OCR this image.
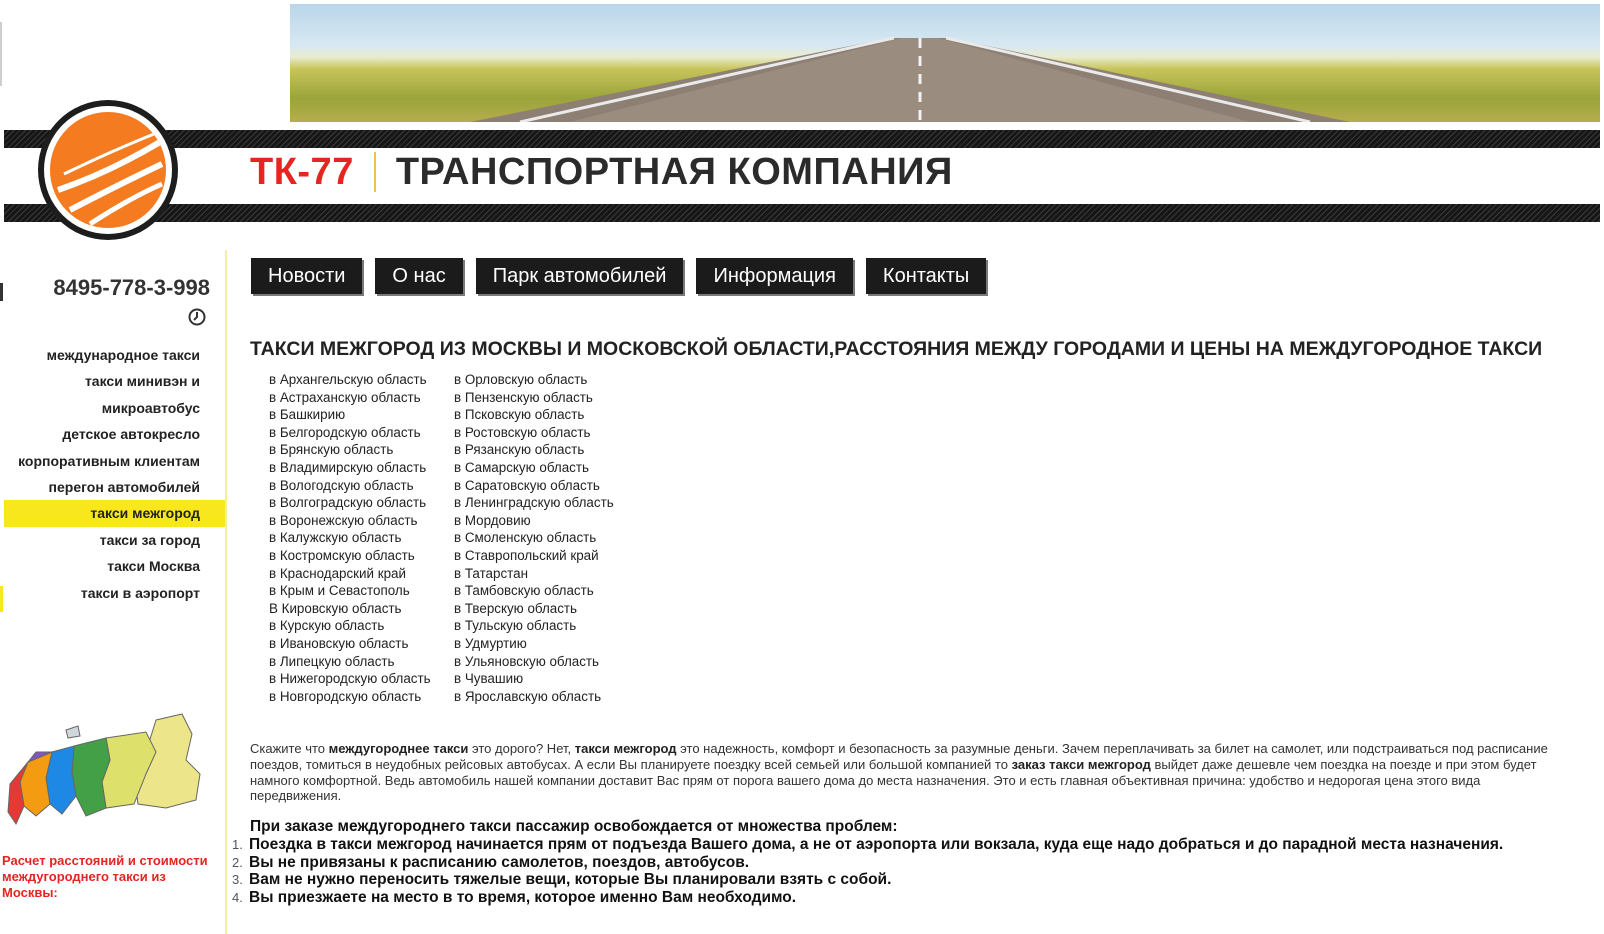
ТК-77 ТРАНСПОРТНАЯ КОМПАНИЯ
Новости	О нас	Парк автомобилей	Информация	Контакты
8495-778-3-998
международное такси
такси минивэн и
микроавтобус
детское автокресло
корпоративным клиентам
перегон автомобилей
такси межгород
такси за город
такси Москва
такси в аэропорт
Расчет расстояний и стоимости междугороднего такси из Москвы:
ТАКСИ МЕЖГОРОД ИЗ МОСКВЫ И МОСКОВСКОЙ ОБЛАСТИ,РАССТОЯНИЯ МЕЖДУ ГОРОДАМИ И ЦЕНЫ НА МЕЖДУГОРОДНОЕ ТАКСИ
в Архангельскую область
в Астраханскую область
в Башкирию
в Белгородскую область
в Брянскую область
в Владимирскую область
в Вологодскую область
в Волгоградскую область
в Воронежскую область
в Калужскую область
в Костромскую область
в Краснодарский край
в Крым и Севастополь
В Кировскую область
в Курскую область
в Ивановскую область
в Липецкую область
в Нижегородскую область
в Новгородскую область
в Орловскую область
в Пензенскую область
в Псковскую область
в Ростовскую область
в Рязанскую область
в Самарскую область
в Саратовскую область
в Ленинградскую область
в Мордовию
в Смоленскую область
в Ставропольский край
в Татарстан
в Тамбовскую область
в Тверскую область
в Тульскую область
в Удмуртию
в Ульяновскую область
в Чувашию
в Ярославскую область
Скажите что междугороднее такси это дорого? Нет, такси межгород это надежность, комфорт и безопасность за разумные деньги. Зачем переплачивать за билет на самолет, или подстраиваться под расписание поездов, томиться в неудобных рейсовых автобусах. А если Вы планируете поездку всей семьей или большой компанией то заказ такси межгород выйдет даже дешевле чем поездка на поезде и при этом будет намного комфортной. Ведь автомобиль нашей компании доставит Вас прям от порога вашего дома до места назначения. Это и есть главная объективная причина: удобство и недорогая цена этого вида передвижения.
При заказе междугороднего такси пассажир освобождается от множества проблем:
1. Поездка в такси межгород начинается прям от подъезда Вашего дома, а не от аэропорта или вокзала, куда еще надо добраться и до парадной места назначения.
2. Вы не привязаны к расписанию самолетов, поездов, автобусов.
3. Вам не нужно переносить тяжелые вещи, которые Вы планировали взять с собой.
4. Вы приезжаете на место в то время, которое именно Вам необходимо.
